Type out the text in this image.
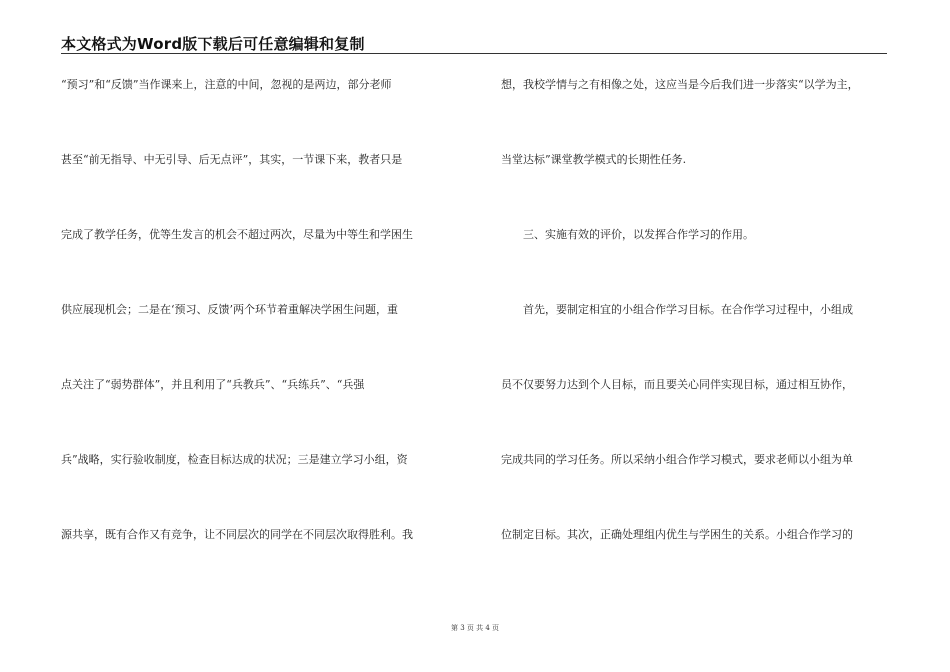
本文格式为Word版下载后可任意编辑和复制
“预习”和“反馈”当作课来上，注意的中间，忽视的是两边，部分老师
甚至“前无指导、中无引导、后无点评”，其实，一节课下来，教者只是
完成了教学任务，优等生发言的机会不超过两次，尽量为中等生和学困生
供应展现机会；二是在‘预习、反馈’两个环节着重解决学困生问题，重
点关注了“弱势群体”，并且利用了“兵教兵”、“兵练兵”、“兵强
兵”战略，实行验收制度，检查目标达成的状况；三是建立学习小组，资
源共享，既有合作又有竞争，让不同层次的同学在不同层次取得胜利。我
想，我校学情与之有相像之处，这应当是今后我们进一步落实“以学为主，
当堂达标”课堂教学模式的长期性任务.
　　三、实施有效的评价，以发挥合作学习的作用。
　　首先，要制定相宜的小组合作学习目标。在合作学习过程中，小组成
员不仅要努力达到个人目标，而且要关心同伴实现目标，通过相互协作，
完成共同的学习任务。所以采纳小组合作学习模式，要求老师以小组为单
位制定目标。其次，正确处理组内优生与学困生的关系。小组合作学习的
第 3 页 共 4 页
